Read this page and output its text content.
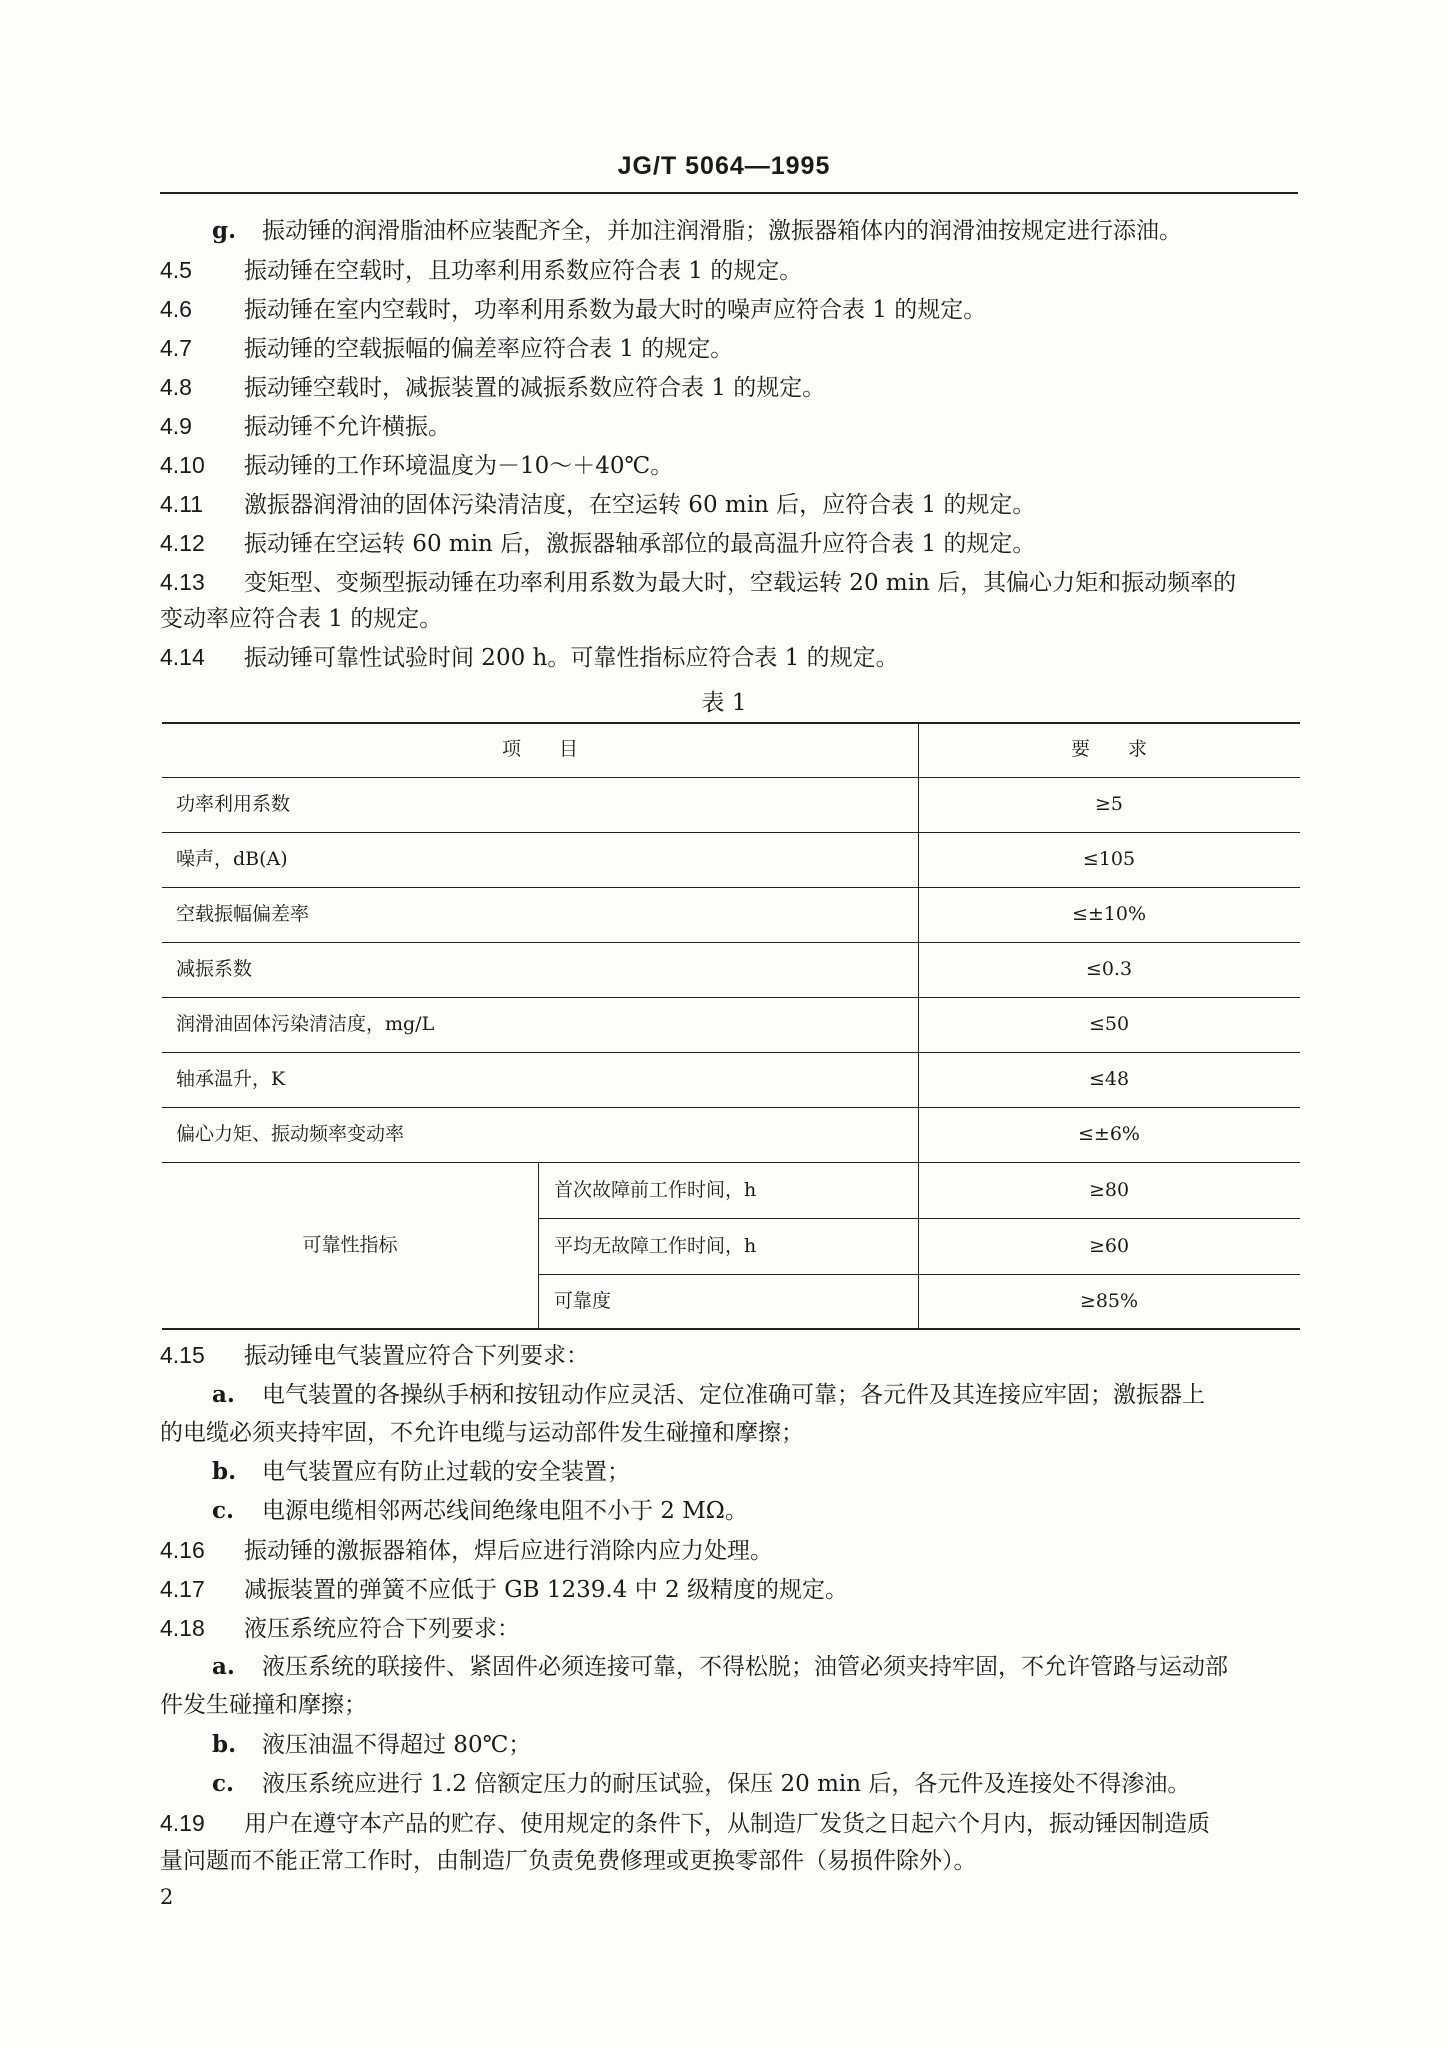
JG/T 5064—1995
g. 振动锤的润滑脂油杯应装配齐全，并加注润滑脂；激振器箱体内的润滑油按规定进行添油。
4.5 振动锤在空载时，且功率利用系数应符合表 1 的规定。
4.6 振动锤在室内空载时，功率利用系数为最大时的噪声应符合表 1 的规定。
4.7 振动锤的空载振幅的偏差率应符合表 1 的规定。
4.8 振动锤空载时，减振装置的减振系数应符合表 1 的规定。
4.9 振动锤不允许横振。
4.10 振动锤的工作环境温度为－10～＋40℃。
4.11 激振器润滑油的固体污染清洁度，在空运转 60 min 后，应符合表 1 的规定。
4.12 振动锤在空运转 60 min 后，激振器轴承部位的最高温升应符合表 1 的规定。
4.13 变矩型、变频型振动锤在功率利用系数为最大时，空载运转 20 min 后，其偏心力矩和振动频率的
变动率应符合表 1 的规定。
4.14 振动锤可靠性试验时间 200 h。可靠性指标应符合表 1 的规定。
表 1
项　　目	要　　求
功率利用系数	≥5
噪声，dB(A)	≤105
空载振幅偏差率	≤±10%
减振系数	≤0.3
润滑油固体污染清洁度，mg/L	≤50
轴承温升，K	≤48
偏心力矩、振动频率变动率	≤±6%
可靠性指标
首次故障前工作时间，h	≥80
平均无故障工作时间，h	≥60
可靠度	≥85%
4.15 振动锤电气装置应符合下列要求：
a. 电气装置的各操纵手柄和按钮动作应灵活、定位准确可靠；各元件及其连接应牢固；激振器上
的电缆必须夹持牢固，不允许电缆与运动部件发生碰撞和摩擦；
b. 电气装置应有防止过载的安全装置；
c. 电源电缆相邻两芯线间绝缘电阻不小于 2 MΩ。
4.16 振动锤的激振器箱体，焊后应进行消除内应力处理。
4.17 减振装置的弹簧不应低于 GB 1239.4 中 2 级精度的规定。
4.18 液压系统应符合下列要求：
a. 液压系统的联接件、紧固件必须连接可靠，不得松脱；油管必须夹持牢固，不允许管路与运动部
件发生碰撞和摩擦；
b. 液压油温不得超过 80℃；
c. 液压系统应进行 1.2 倍额定压力的耐压试验，保压 20 min 后，各元件及连接处不得渗油。
4.19 用户在遵守本产品的贮存、使用规定的条件下，从制造厂发货之日起六个月内，振动锤因制造质
量问题而不能正常工作时，由制造厂负责免费修理或更换零部件（易损件除外）。
2
